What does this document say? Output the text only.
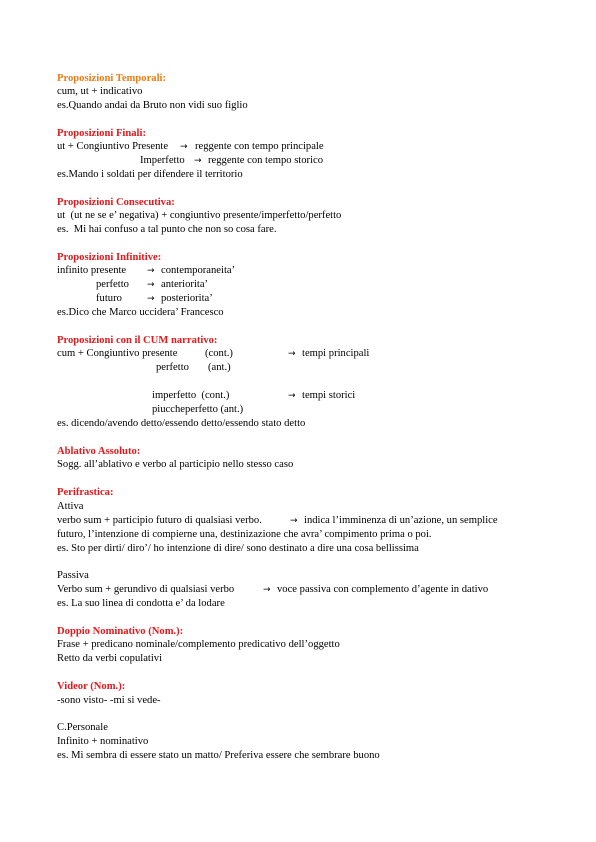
Proposizioni Temporali:
cum, ut + indicativo
es.Quando andai da Bruto non vidi suo figlio
Proposizioni Finali:
ut + Congiuntivo Presente → reggente con tempo principale
Imperfetto → reggente con tempo storico
es.Mando i soldati per difendere il territorio
Proposizioni Consecutiva:
ut  (ut ne se e’ negativa) + congiuntivo presente/imperfetto/perfetto
es.  Mi hai confuso a tal punto che non so cosa fare.
Proposizioni Infinitive:
infinito presente → contemporaneita’
perfetto → anteriorita’
futuro	→ posteriorita’
es.Dico che Marco uccidera’ Francesco
Proposizioni con il CUM narrativo:
cum + Congiuntivo presente	(cont.)	→ tempi principali
perfetto (ant.)
imperfetto  (cont.)	→ tempi storici
piuccheperfetto (ant.)
es. dicendo/avendo detto/essendo detto/essendo stato detto
Ablativo Assoluto:
Sogg. all’ablativo e verbo al participio nello stesso caso
Perifrastica:
Attiva
verbo sum + participio futuro di qualsiasi verbo.	→ indica l’imminenza di un’azione, un semplice
futuro, l’intenzione di compierne una, destinizazione che avra’ compimento prima o poi.
es. Sto per dirti/ diro’/ ho intenzione di dire/ sono destinato a dire una cosa bellissima
Passiva
Verbo sum + gerundivo di qualsiasi verbo	→ voce passiva con complemento d’agente in dativo
es. La suo linea di condotta e’ da lodare
Doppio Nominativo (Nom.):
Frase + predicano nominale/complemento predicativo dell’oggetto
Retto da verbi copulativi
Videor (Nom.):
-sono visto- -mi si vede-
C.Personale
Infinito + nominativo
es. Mi sembra di essere stato un matto/ Preferiva essere che sembrare buono
